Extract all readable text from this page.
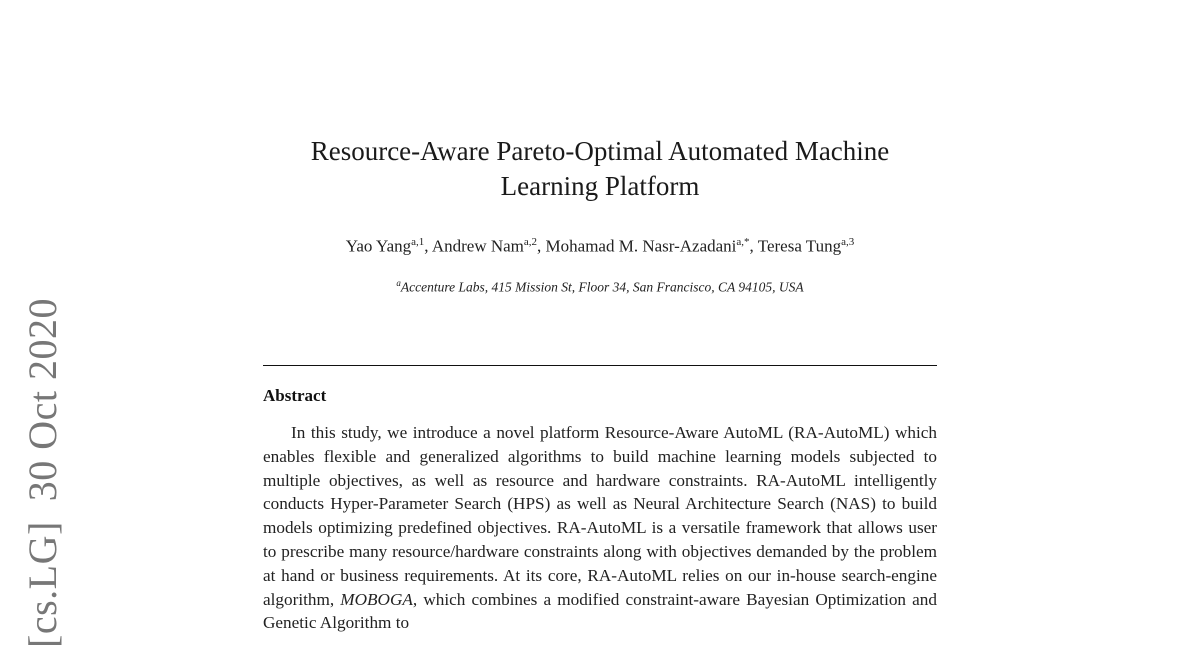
[cs.LG]30 Oct 2020
Resource-Aware Pareto-Optimal Automated Machine
Learning Platform
Yao Yang$^{a,1}$, Andrew Nam$^{a,2}$, Mohamad M. Nasr-Azadani$^{a,*}$, Teresa Tung$^{a,3}$
$^a$Accenture Labs, 415 Mission St, Floor 34, San Francisco, CA 94105, USA
Abstract
In this study, we introduce a novel platform Resource-Aware AutoML (RA-AutoML) which enables flexible and generalized algorithms to build machine learning models subjected to multiple objectives, as well as resource and hardware constraints. RA-AutoML intelligently conducts Hyper-Parameter Search (HPS) as well as Neural Architecture Search (NAS) to build models optimizing predefined objectives. RA-AutoML is a versatile framework that allows user to prescribe many resource/hardware constraints along with objectives demanded by the problem at hand or business requirements. At its core, RA-AutoML relies on our in-house search-engine algorithm, MOBOGA, which combines a modified constraint-aware Bayesian Optimization and Genetic Algorithm to
